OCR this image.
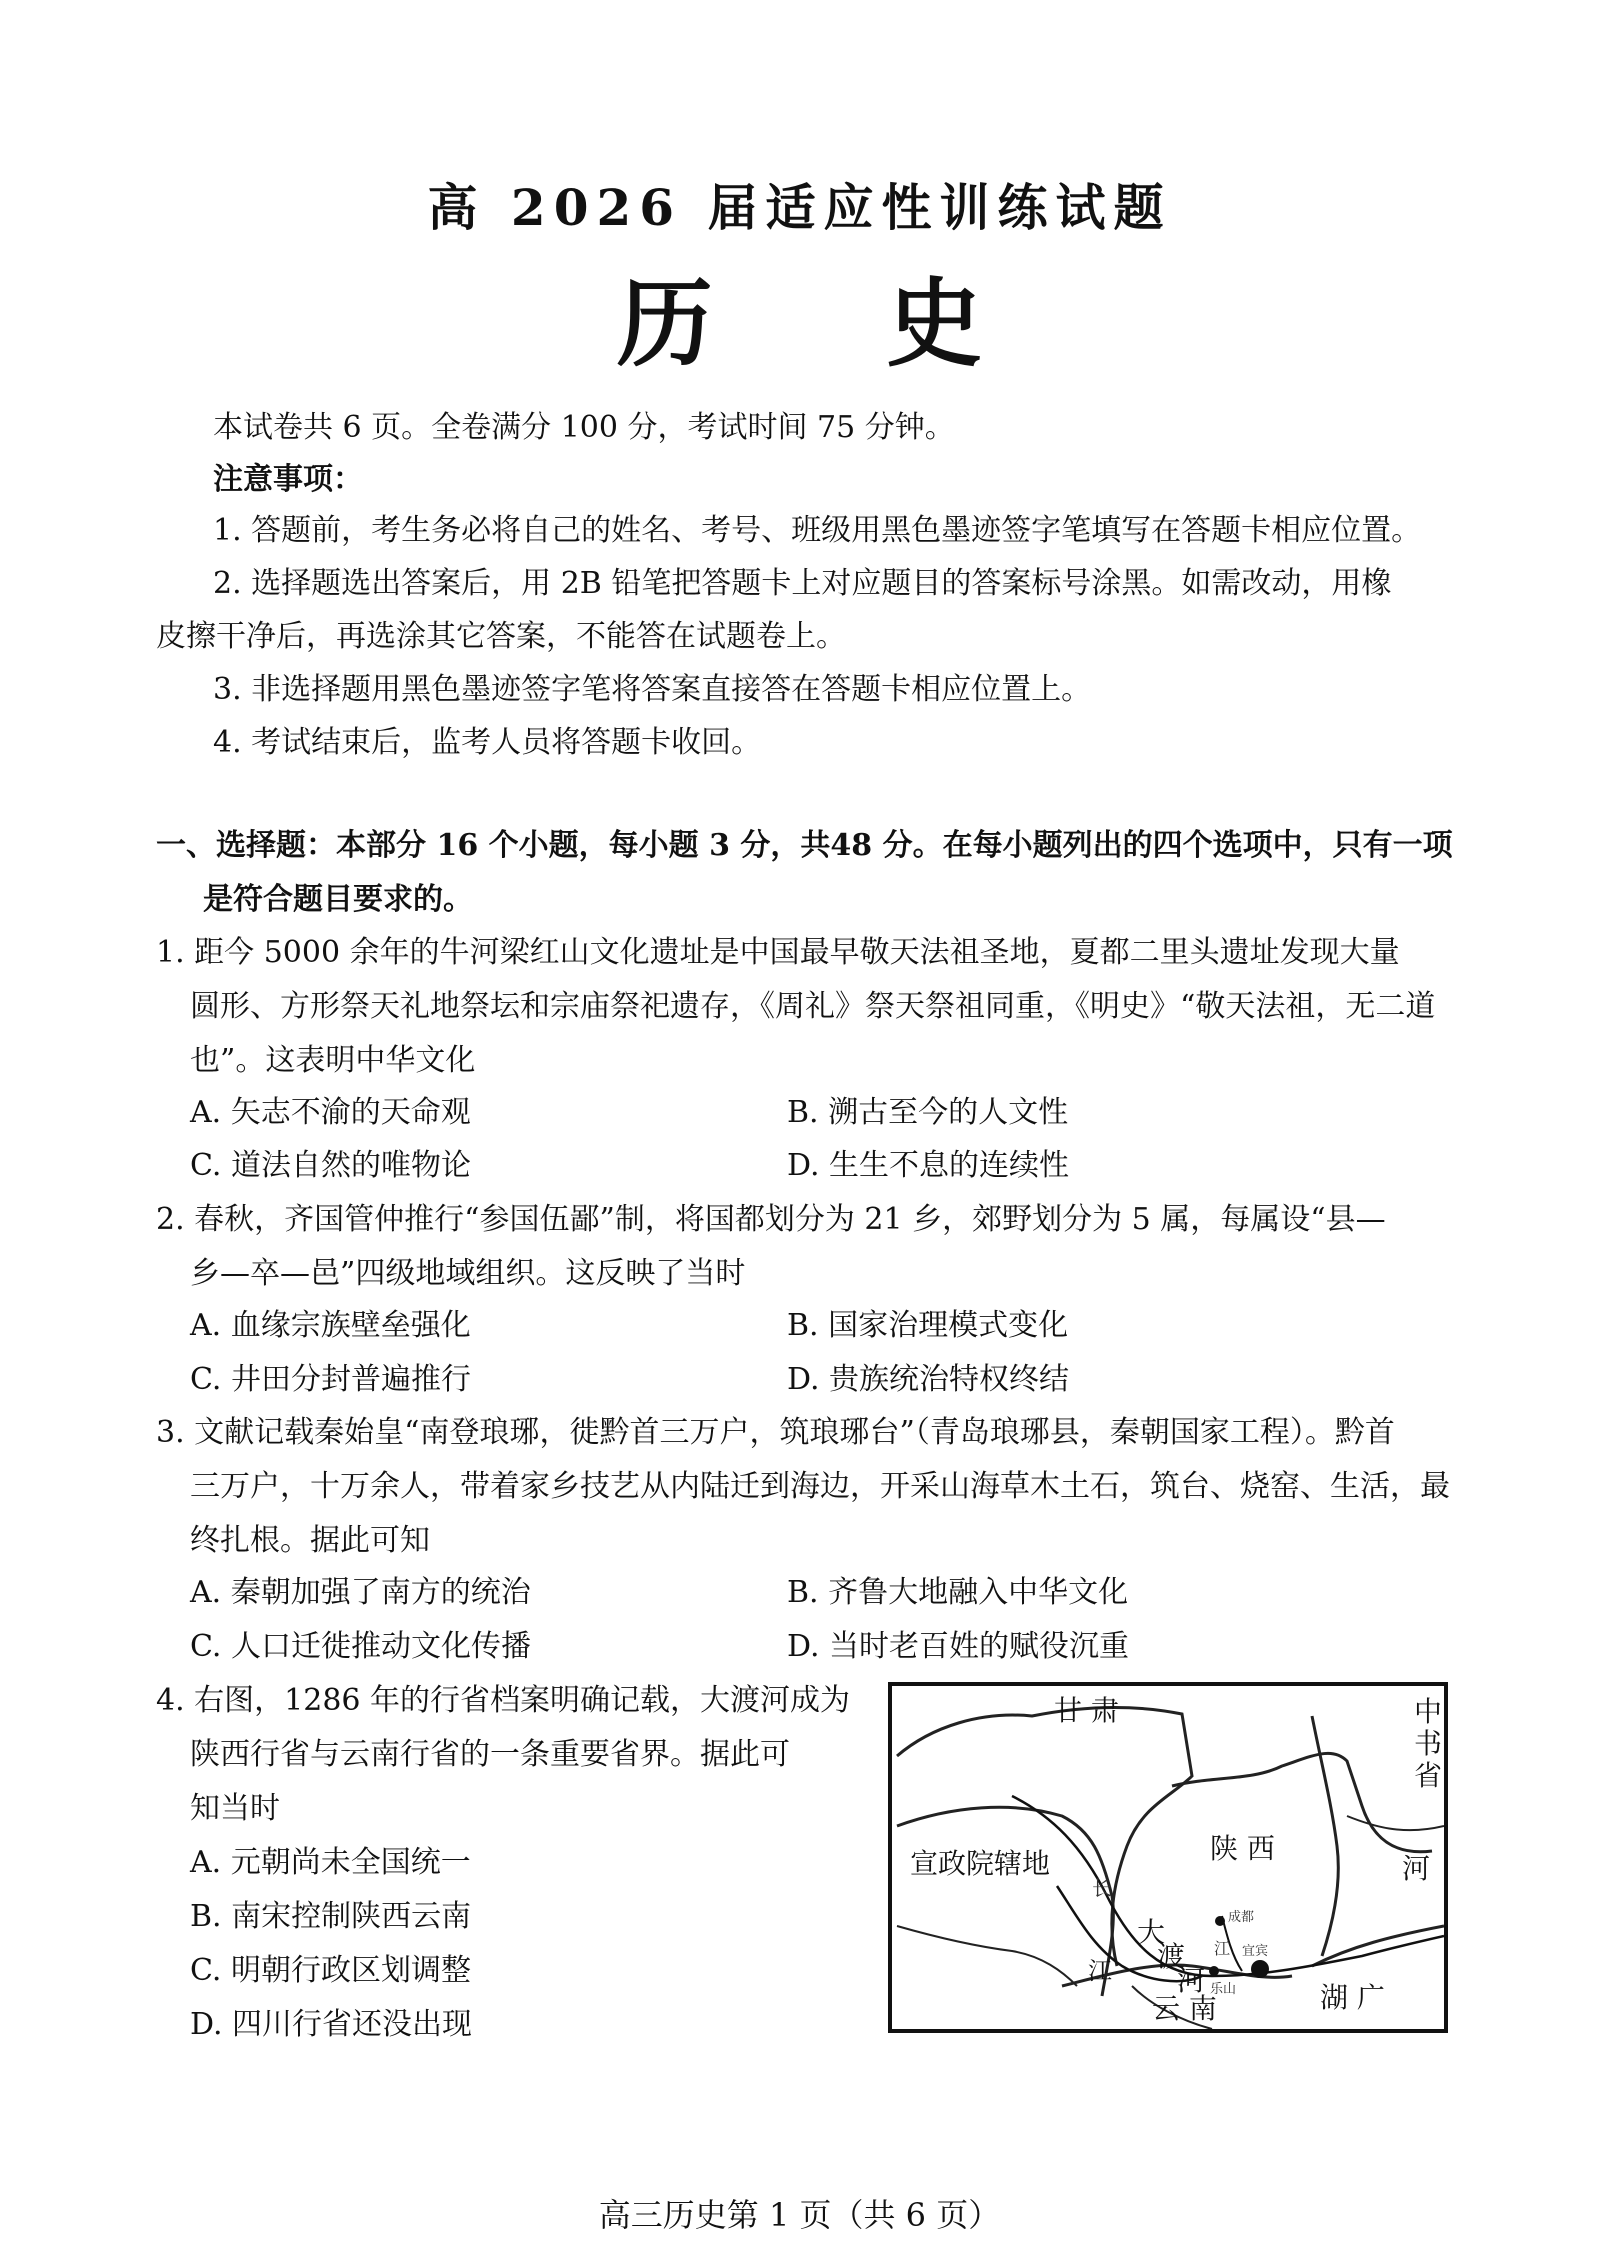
高 2026 届适应性训练试题
历 史
本试卷共 6 页。全卷满分 100 分，考试时间 75 分钟。
注意事项：
1. 答题前，考生务必将自己的姓名、考号、班级用黑色墨迹签字笔填写在答题卡相应位置。
2. 选择题选出答案后，用 2B 铅笔把答题卡上对应题目的答案标号涂黑。如需改动，用橡
皮擦干净后，再选涂其它答案，不能答在试题卷上。
3. 非选择题用黑色墨迹签字笔将答案直接答在答题卡相应位置上。
4. 考试结束后，监考人员将答题卡收回。
一、选择题：本部分 16 个小题，每小题 3 分，共48 分。在每小题列出的四个选项中，只有一项
是符合题目要求的。
1. 距今 5000 余年的牛河梁红山文化遗址是中国最早敬天法祖圣地，夏都二里头遗址发现大量
圆形、方形祭天礼地祭坛和宗庙祭祀遗存，《周礼》祭天祭祖同重，《明史》“敬天法祖，无二道
也”。这表明中华文化
A. 矢志不渝的天命观	B. 溯古至今的人文性
C. 道法自然的唯物论	D. 生生不息的连续性
2. 春秋，齐国管仲推行“参国伍鄙”制，将国都划分为 21 乡，郊野划分为 5 属，每属设“县—
乡—卒—邑”四级地域组织。这反映了当时
A. 血缘宗族壁垒强化	B. 国家治理模式变化
C. 井田分封普遍推行	D. 贵族统治特权终结
3. 文献记载秦始皇“南登琅琊，徙黔首三万户，筑琅琊台”（青岛琅琊县，秦朝国家工程）。黔首
三万户，十万余人，带着家乡技艺从内陆迁到海边，开采山海草木土石，筑台、烧窑、生活，最
终扎根。据此可知
A. 秦朝加强了南方的统治	B. 齐鲁大地融入中华文化
C. 人口迁徙推动文化传播	D. 当时老百姓的赋役沉重
4. 右图，1286 年的行省档案明确记载，大渡河成为
陕西行省与云南行省的一条重要省界。据此可
知当时
A. 元朝尚未全国统一
B. 南宋控制陕西云南
C. 明朝行政区划调整
D. 四川行省还没出现
甘 肃	中书省
宣政院辖地	陕 西
河
湖 广
云 南
大
渡
河
长
江
江
成都
乐山
宜宾
高三历史第 1 页（共 6 页）
